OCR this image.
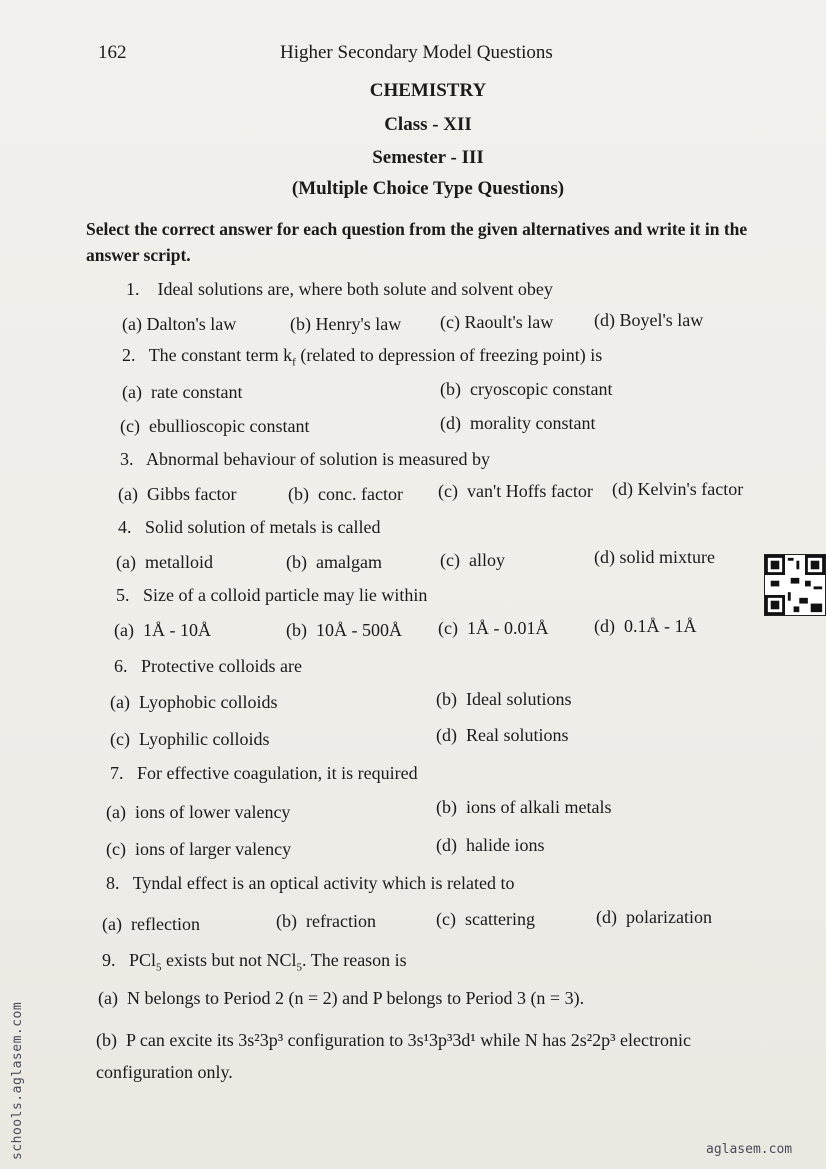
162	Higher Secondary Model Questions
CHEMISTRY
Class - XII
Semester - III
(Multiple Choice Type Questions)
Select the correct answer for each question from the given alternatives and write it in the answer script.
1. Ideal solutions are, where both solute and solvent obey
(a) Dalton's law	(b) Henry's law (c) Raoult's law (d) Boyel's law
2. The constant term $k_f$ (related to depression of freezing point) is
(a) rate constant	(b) cryoscopic constant
(c) ebullioscopic constant	(d) morality constant
3. Abnormal behaviour of solution is measured by
(a) Gibbs factor	(b) conc. factor (c) van't Hoffs factor (d) Kelvin's factor
4. Solid solution of metals is called
(a) metalloid	(b) amalgam	(c) alloy	(d) solid mixture
5. Size of a colloid particle may lie within
(a) 1Å - 10Å	(b) 10Å - 500Å (c) 1Å - 0.01Å	(d) 0.1Å - 1Å
6. Protective colloids are
(a) Lyophobic colloids	(b) Ideal solutions
(c) Lyophilic colloids	(d) Real solutions
7. For effective coagulation, it is required
(a) ions of lower valency	(b) ions of alkali metals
(c) ions of larger valency	(d) halide ions
8. Tyndal effect is an optical activity which is related to
(a) reflection	(b) refraction	(c) scattering	(d) polarization
9. PCl$_5$ exists but not NCl$_5$. The reason is
(a) N belongs to Period 2 (n = 2) and P belongs to Period 3 (n = 3).
(b) P can excite its 3s²3p³ configuration to 3s¹3p³3d¹ while N has 2s²2p³ electronic configuration only.
schools.aglasem.com	aglasem.com
